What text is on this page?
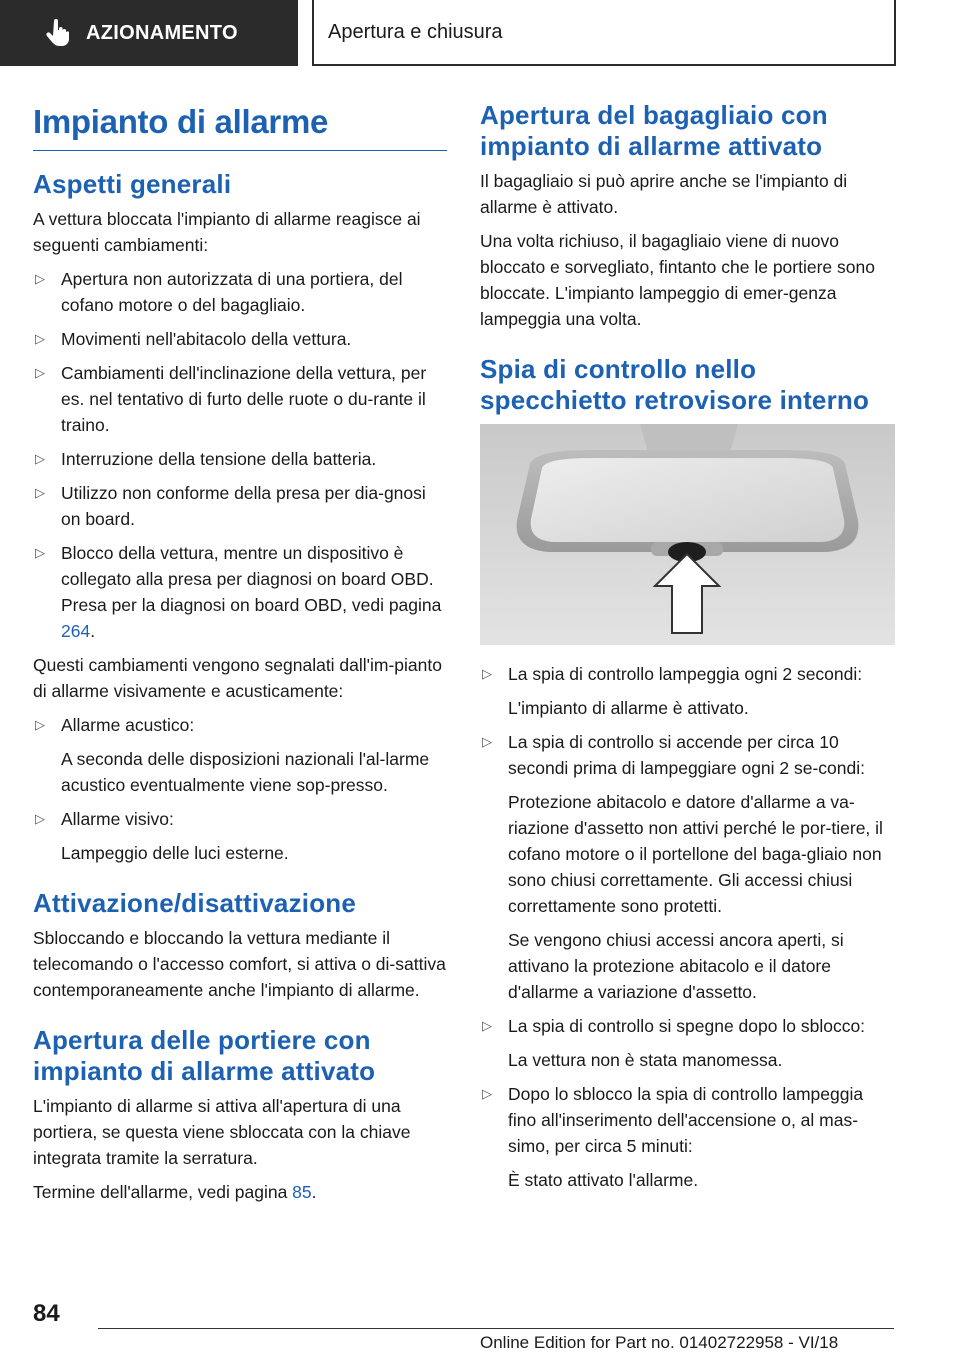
AZIONAMENTO	Apertura e chiusura
Impianto di allarme
Aspetti generali

A vettura bloccata l'impianto di allarme reagisce ai seguenti cambiamenti:

▷ Apertura non autorizzata di una portiera, del cofano motore o del bagagliaio.
▷ Movimenti nell'abitacolo della vettura.
▷ Cambiamenti dell'inclinazione della vettura, per es. nel tentativo di furto delle ruote o du-rante il traino.
▷ Interruzione della tensione della batteria.
▷ Utilizzo non conforme della presa per dia-gnosi on board.
▷ Blocco della vettura, mentre un dispositivo è collegato alla presa per diagnosi on board OBD. Presa per la diagnosi on board OBD, vedi pagina 264.

Questi cambiamenti vengono segnalati dall'im-pianto di allarme visivamente e acusticamente:

▷ Allarme acustico:
A seconda delle disposizioni nazionali l'al-larme acustico eventualmente viene sop-presso.
▷ Allarme visivo:
Lampeggio delle luci esterne.
Attivazione/disattivazione

Sbloccando e bloccando la vettura mediante il telecomando o l'accesso comfort, si attiva o di-sattiva contemporaneamente anche l'impianto di allarme.

Apertura delle portiere con impianto di allarme attivato

L'impianto di allarme si attiva all'apertura di una portiera, se questa viene sbloccata con la chiave integrata tramite la serratura.

Termine dell'allarme, vedi pagina 85.

Apertura del bagagliaio con impianto di allarme attivato

Il bagagliaio si può aprire anche se l'impianto di allarme è attivato.

Una volta richiuso, il bagagliaio viene di nuovo bloccato e sorvegliato, fintanto che le portiere sono bloccate. L'impianto lampeggio di emer-genza lampeggia una volta.

Spia di controllo nello specchietto retrovisore interno
▷ La spia di controllo lampeggia ogni 2 secondi:
L'impianto di allarme è attivato.
▷ La spia di controllo si accende per circa 10 secondi prima di lampeggiare ogni 2 se-condi:
Protezione abitacolo e datore d'allarme a va-riazione d'assetto non attivi perché le por-tiere, il cofano motore o il portellone del baga-gliaio non sono chiusi correttamente. Gli accessi chiusi correttamente sono protetti.
Se vengono chiusi accessi ancora aperti, si attivano la protezione abitacolo e il datore d'allarme a variazione d'assetto.
▷ La spia di controllo si spegne dopo lo sblocco:
La vettura non è stata manomessa.
▷ Dopo lo sblocco la spia di controllo lampeggia fino all'inserimento dell'accensione o, al mas-simo, per circa 5 minuti:
È stato attivato l'allarme.
84
Online Edition for Part no. 01402722958 - VI/18
